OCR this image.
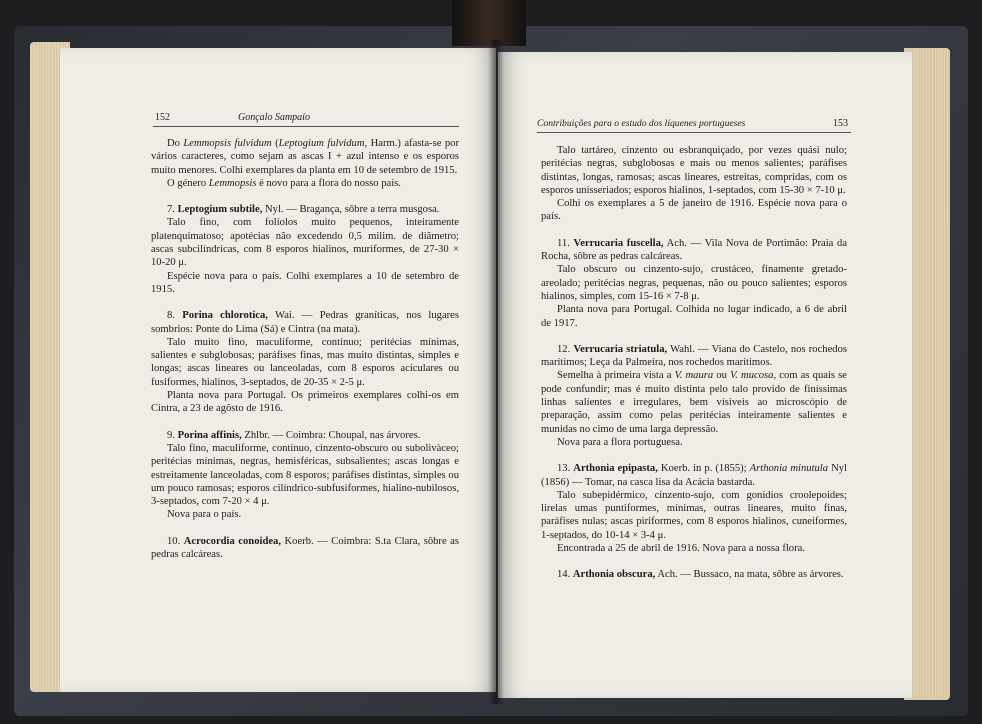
152	Gonçalo Sampaio
Contribuições para o estudo dos líquenes portugueses	153

Do Lemmopsis fulvidum (Leptogium fulvidum, Harm.) afasta-se por vários caracteres, como sejam as ascas I + azul intenso e os esporos muito menores. Colhi exemplares da planta em 10 de setembro de 1915.

O género Lemmopsis é novo para a flora do nosso país.

7. Leptogium subtile, Nyl. — Bragança, sôbre a terra musgosa.

Talo fino, com folíolos muito pequenos, inteiramente platenquimatoso; apotécias não excedendo 0,5 milim. de diâmetro; ascas subcilíndricas, com 8 esporos hialinos, muriformes, de 27-30 × 10-20 μ.

Espécie nova para o país. Colhi exemplares a 10 de setembro de 1915.

8. Porina chlorotica, Wai. — Pedras graníticas, nos lugares sombrios: Ponte do Lima (Sá) e Cintra (na mata).

Talo muito fino, maculiforme, contínuo; peritécias mínimas, salientes e subglobosas; paráfises finas, mas muito distintas, simples e longas; ascas lineares ou lanceoladas, com 8 esporos aciculares ou fusiformes, hialinos, 3-septados, de 20-35 × 2-5 μ.

Planta nova para Portugal. Os primeiros exemplares colhi-os em Cintra, a 23 de agôsto de 1916.

9. Porina affinis, Zhlbr. — Coimbra: Choupal, nas árvores.

Talo fino, maculiforme, contínuo, cinzento-obscuro ou subolivàceo; peritécias mínimas, negras, hemisféricas, subsalientes; ascas longas e estreitamente lanceoladas, com 8 esporos; paráfises distintas, simples ou um pouco ramosas; esporos cilíndrico-subfusiformes, hialino-nubilosos, 3-septados, com 7-20 × 4 μ.

Nova para o país.

10. Acrocordia conoidea, Koerb. — Coimbra: S.ta Clara, sôbre as pedras calcáreas.

Talo tartáreo, cinzento ou esbranquiçado, por vezes quási nulo; peritécias negras, subglobosas e mais ou menos salientes; paráfises distintas, longas, ramosas; ascas lineares, estreitas, compridas, com os esporos unisseriados; esporos hialinos, 1-septados, com 15-30 × 7-10 μ.

Colhi os exemplares a 5 de janeiro de 1916. Espécie nova para o país.

11. Verrucaria fuscella, Ach. — Vila Nova de Portimão: Praia da Rocha, sôbre as pedras calcáreas.

Talo obscuro ou cinzento-sujo, crustáceo, finamente gretado-areolado; peritécias negras, pequenas, não ou pouco salientes; esporos hialinos, simples, com 15-16 × 7-8 μ.

Planta nova para Portugal. Colhida no lugar indicado, a 6 de abril de 1917.

12. Verrucaria striatula, Wahl. — Viana do Castelo, nos rochedos marítimos; Leça da Palmeira, nos rochedos marítimos.

Semelha à primeira vista a V. maura ou V. mucosa, com as quais se pode confundir; mas é muito distinta pelo talo provido de finíssimas linhas salientes e irregulares, bem visíveis ao microscópio de preparação, assim como pelas peritécias inteiramente salientes e munidas no cimo de uma larga depressão.

Nova para a flora portuguesa.

13. Arthonia epipasta, Koerb. in p. (1855); Arthonia minutula Nyl (1856) — Tomar, na casca lisa da Acácia bastarda.

Talo subepidérmico, cinzento-sujo, com gonídios croolepoides; lirelas umas puntiformes, mínimas, outras lineares, muito finas, paráfises nulas; ascas piriformes, com 8 esporos hialinos, cuneiformes, 1-septados, do 10-14 × 3-4 μ.

Encontrada a 25 de abril de 1916. Nova para a nossa flora.

14. Arthonia obscura, Ach. — Bussaco, na mata, sôbre as árvores.
